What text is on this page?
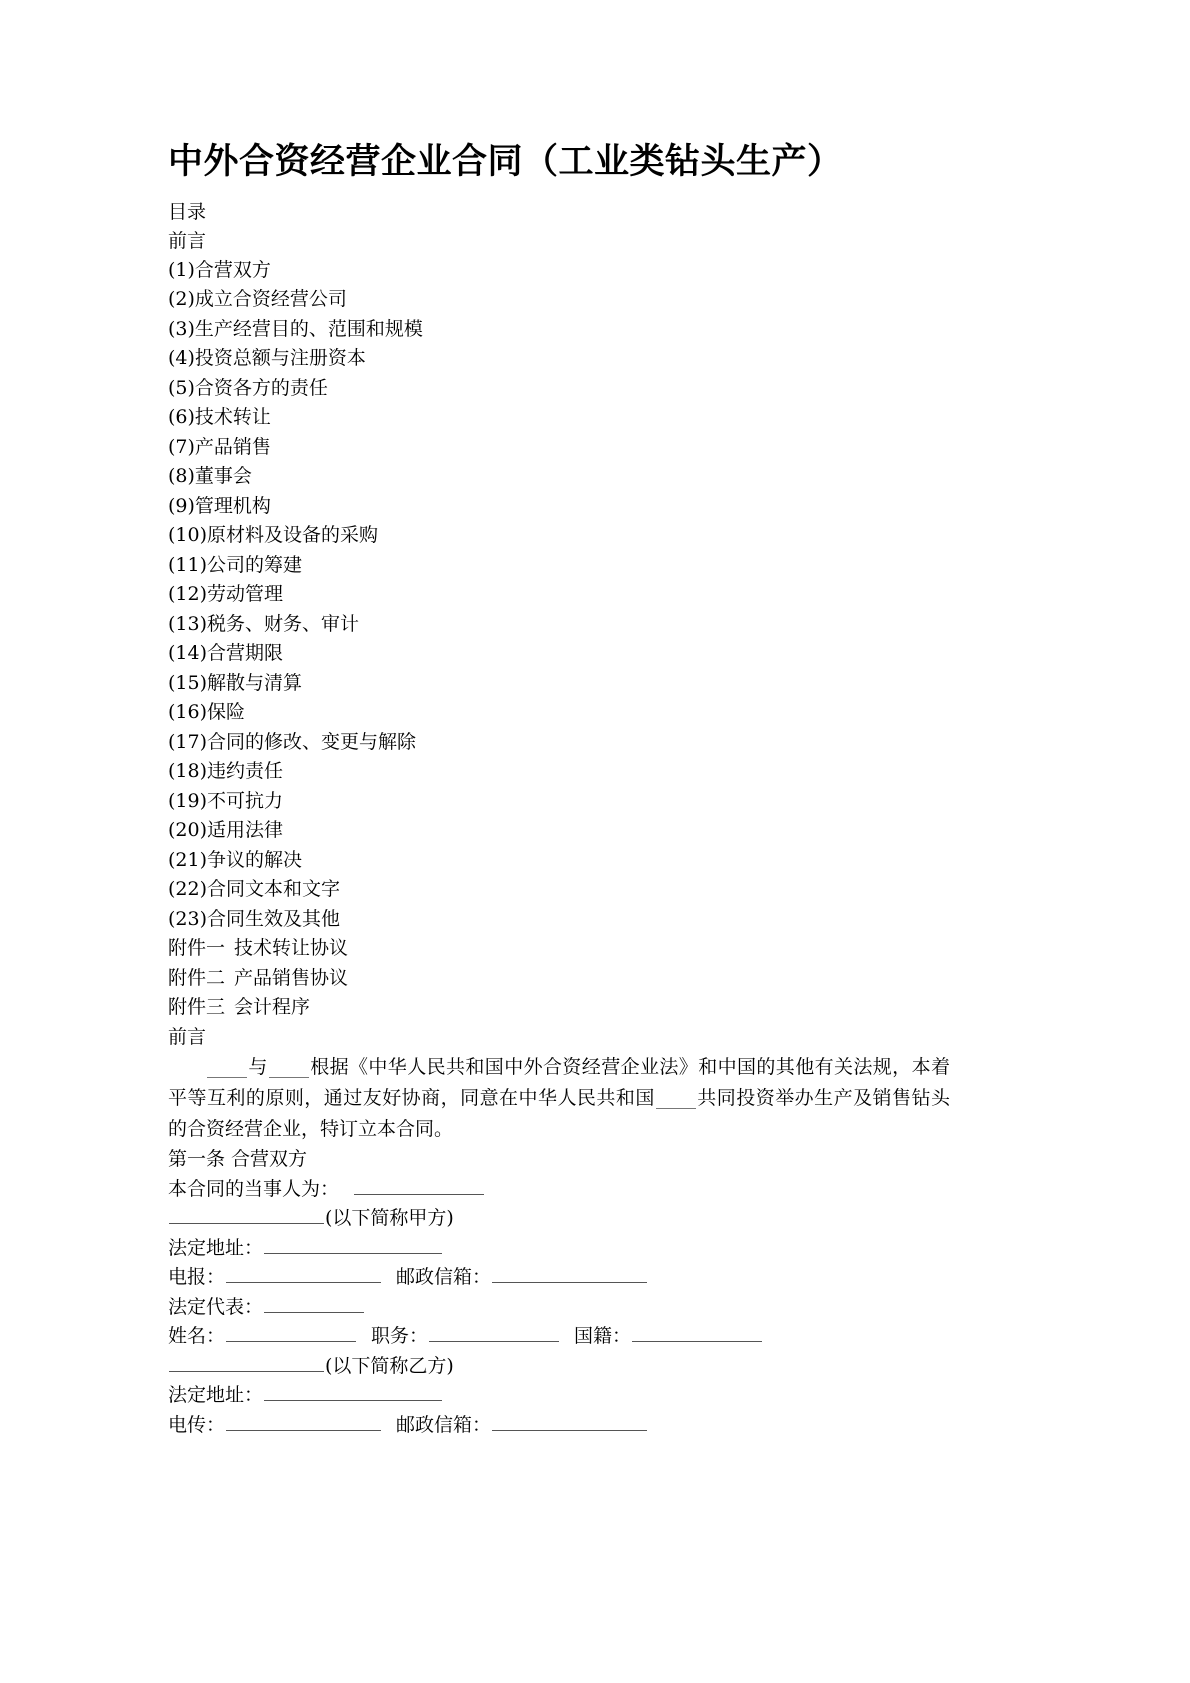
中外合资经营企业合同（工业类钻头生产）

目录

前言

(1)合营双方
(2)成立合资经营公司
(3)生产经营目的、范围和规模
(4)投资总额与注册资本
(5)合资各方的责任
(6)技术转让
(7)产品销售
(8)董事会
(9)管理机构
(10)原材料及设备的采购
(11)公司的筹建
(12)劳动管理
(13)税务、财务、审计
(14)合营期限
(15)解散与清算
(16)保险
(17)合同的修改、变更与解除
(18)违约责任
(19)不可抗力
(20)适用法律
(21)争议的解决
(22)合同文本和文字
(23)合同生效及其他
附件一 技术转让协议
附件二 产品销售协议
附件三 会计程序

前言

与 根据《中华人民共和国中外合资经营企业法》和中国的其他有关法规，本着平等互利的原则，通过友好协商，同意在中华人民共和国 共同投资举办生产及销售钻头的合资经营企业，特订立本合同。

第一条 合营双方

本合同的当事人为：

(以下简称甲方)

法定地址：

电报：	邮政信箱：

法定代表：

姓名：	职务：	国籍：

(以下简称乙方)

法定地址：

电传：	邮政信箱：
